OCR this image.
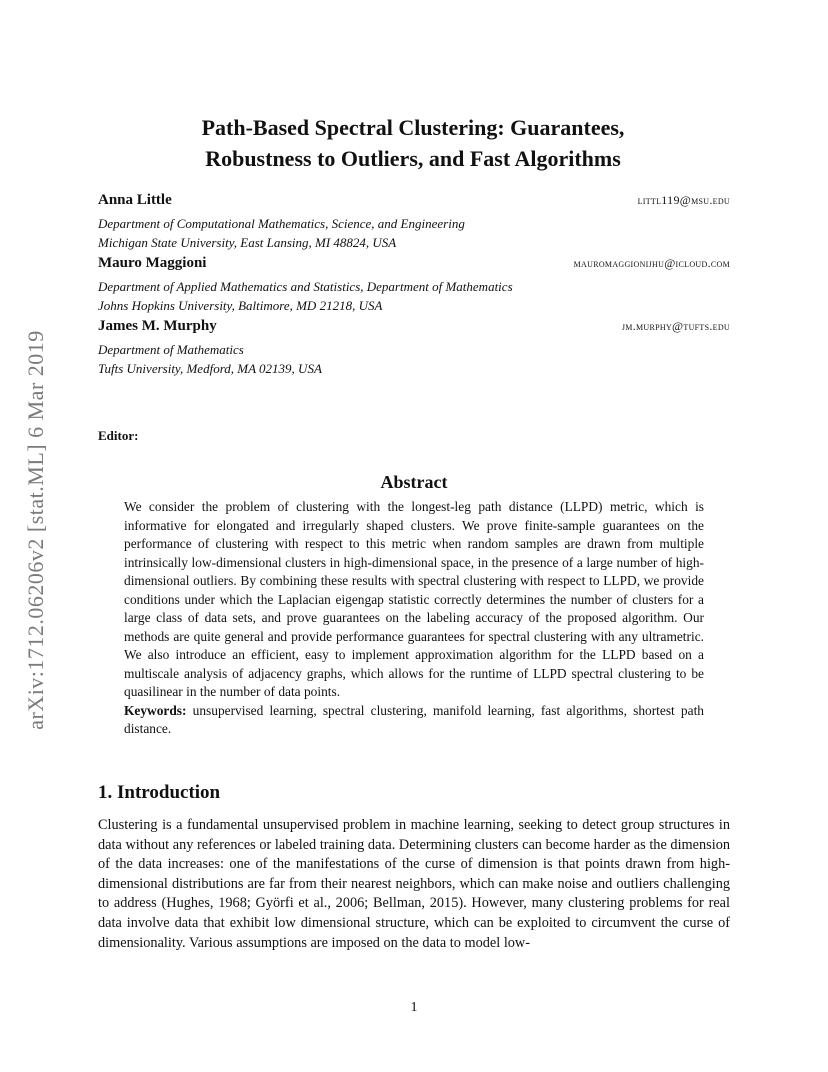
arXiv:1712.06206v2 [stat.ML] 6 Mar 2019
Path-Based Spectral Clustering: Guarantees,
Robustness to Outliers, and Fast Algorithms
Anna Little	littl119@msu.edu
Department of Computational Mathematics, Science, and Engineering
Michigan State University, East Lansing, MI 48824, USA
Mauro Maggioni	mauromaggionijhu@icloud.com
Department of Applied Mathematics and Statistics, Department of Mathematics
Johns Hopkins University, Baltimore, MD 21218, USA
James M. Murphy	jm.murphy@tufts.edu
Department of Mathematics
Tufts University, Medford, MA 02139, USA
Editor:
Abstract
We consider the problem of clustering with the longest-leg path distance (LLPD) metric, which is informative for elongated and irregularly shaped clusters. We prove finite-sample guarantees on the performance of clustering with respect to this metric when random samples are drawn from multiple intrinsically low-dimensional clusters in high-dimensional space, in the presence of a large number of high-dimensional outliers. By combining these results with spectral clustering with respect to LLPD, we provide conditions under which the Laplacian eigengap statistic correctly determines the number of clusters for a large class of data sets, and prove guarantees on the labeling accuracy of the proposed algorithm. Our methods are quite general and provide performance guarantees for spectral clustering with any ultrametric. We also introduce an efficient, easy to implement approximation algorithm for the LLPD based on a multiscale analysis of adjacency graphs, which allows for the runtime of LLPD spectral clustering to be quasilinear in the number of data points.
Keywords: unsupervised learning, spectral clustering, manifold learning, fast algorithms, shortest path distance.
1. Introduction
Clustering is a fundamental unsupervised problem in machine learning, seeking to detect group structures in data without any references or labeled training data. Determining clusters can become harder as the dimension of the data increases: one of the manifestations of the curse of dimension is that points drawn from high-dimensional distributions are far from their nearest neighbors, which can make noise and outliers challenging to address (Hughes, 1968; Györfi et al., 2006; Bellman, 2015). However, many clustering problems for real data involve data that exhibit low dimensional structure, which can be exploited to circumvent the curse of dimensionality. Various assumptions are imposed on the data to model low-
1
